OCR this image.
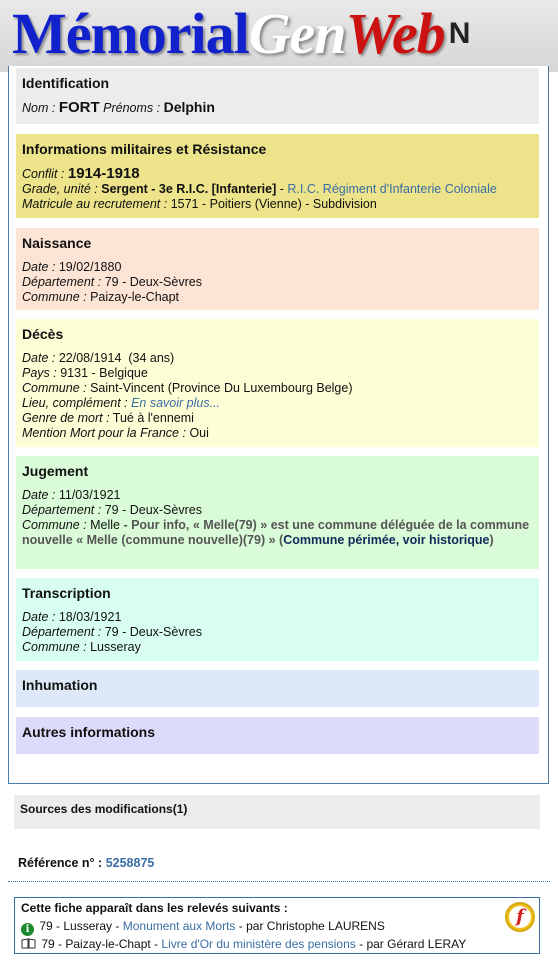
MémorialGenWeb N
Identification
Nom : FORT Prénoms : Delphin
Informations militaires et Résistance
Conflit : 1914-1918
Grade, unité : Sergent - 3e R.I.C. [Infanterie] - R.I.C. Régiment d'Infanterie Coloniale
Matricule au recrutement : 1571 - Poitiers (Vienne) - Subdivision
Naissance
Date : 19/02/1880
Département : 79 - Deux-Sèvres
Commune : Paizay-le-Chapt
Décès
Date : 22/08/1914  (34 ans)
Pays : 9131 - Belgique
Commune : Saint-Vincent (Province Du Luxembourg Belge)
Lieu, complément : En savoir plus...
Genre de mort : Tué à l'ennemi
Mention Mort pour la France : Oui
Jugement
Date : 11/03/1921
Département : 79 - Deux-Sèvres
Commune : Melle - Pour info, « Melle(79) » est une commune déléguée de la commune nouvelle « Melle (commune nouvelle)(79) » (Commune périmée, voir historique)
Transcription
Date : 18/03/1921
Département : 79 - Deux-Sèvres
Commune : Lusseray
Inhumation
Autres informations
Sources des modifications(1)
Référence n° : 5258875
Cette fiche apparaît dans les relevés suivants :
i 79 - Lusseray - Monument aux Morts - par Christophe LAURENS
79 - Paizay-le-Chapt - Livre d'Or du ministère des pensions - par Gérard LERAY
f
